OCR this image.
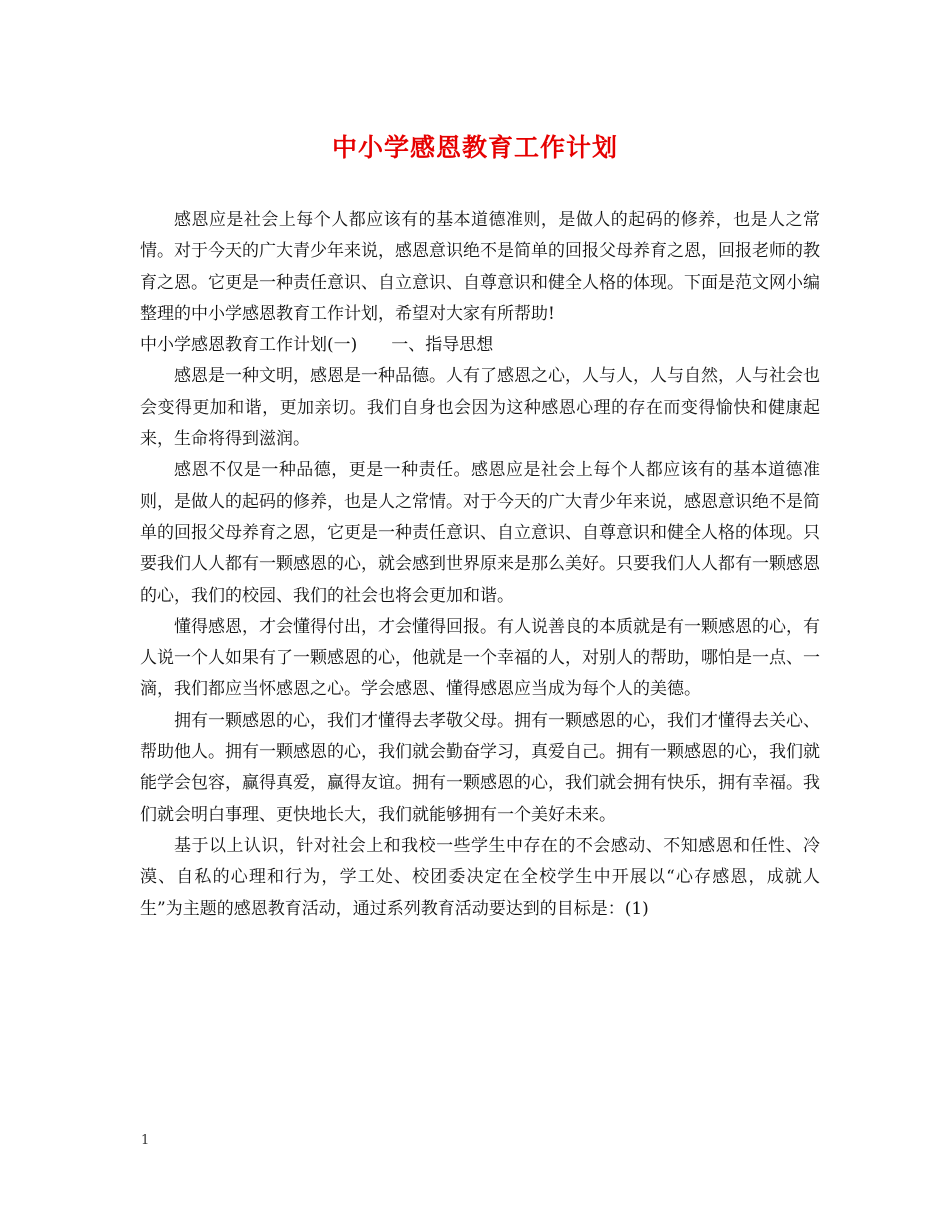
中小学感恩教育工作计划

感恩应是社会上每个人都应该有的基本道德准则，是做人的起码的修养，也是人之常情。对于今天的广大青少年来说，感恩意识绝不是简单的回报父母养育之恩，回报老师的教育之恩。它更是一种责任意识、自立意识、自尊意识和健全人格的体现。下面是范文网小编整理的中小学感恩教育工作计划，希望对大家有所帮助!

中小学感恩教育工作计划(一)　　一、指导思想

感恩是一种文明，感恩是一种品德。人有了感恩之心，人与人，人与自然，人与社会也会变得更加和谐，更加亲切。我们自身也会因为这种感恩心理的存在而变得愉快和健康起来，生命将得到滋润。

感恩不仅是一种品德，更是一种责任。感恩应是社会上每个人都应该有的基本道德准则，是做人的起码的修养，也是人之常情。对于今天的广大青少年来说，感恩意识绝不是简单的回报父母养育之恩，它更是一种责任意识、自立意识、自尊意识和健全人格的体现。只要我们人人都有一颗感恩的心，就会感到世界原来是那么美好。只要我们人人都有一颗感恩的心，我们的校园、我们的社会也将会更加和谐。

懂得感恩，才会懂得付出，才会懂得回报。有人说善良的本质就是有一颗感恩的心，有人说一个人如果有了一颗感恩的心，他就是一个幸福的人，对别人的帮助，哪怕是一点、一滴，我们都应当怀感恩之心。学会感恩、懂得感恩应当成为每个人的美德。

拥有一颗感恩的心，我们才懂得去孝敬父母。拥有一颗感恩的心，我们才懂得去关心、帮助他人。拥有一颗感恩的心，我们就会勤奋学习，真爱自己。拥有一颗感恩的心，我们就能学会包容，赢得真爱，赢得友谊。拥有一颗感恩的心，我们就会拥有快乐，拥有幸福。我们就会明白事理、更快地长大，我们就能够拥有一个美好未来。

基于以上认识，针对社会上和我校一些学生中存在的不会感动、不知感恩和任性、冷漠、自私的心理和行为，学工处、校团委决定在全校学生中开展以“心存感恩，成就人生”为主题的感恩教育活动，通过系列教育活动要达到的目标是：(1)

1
